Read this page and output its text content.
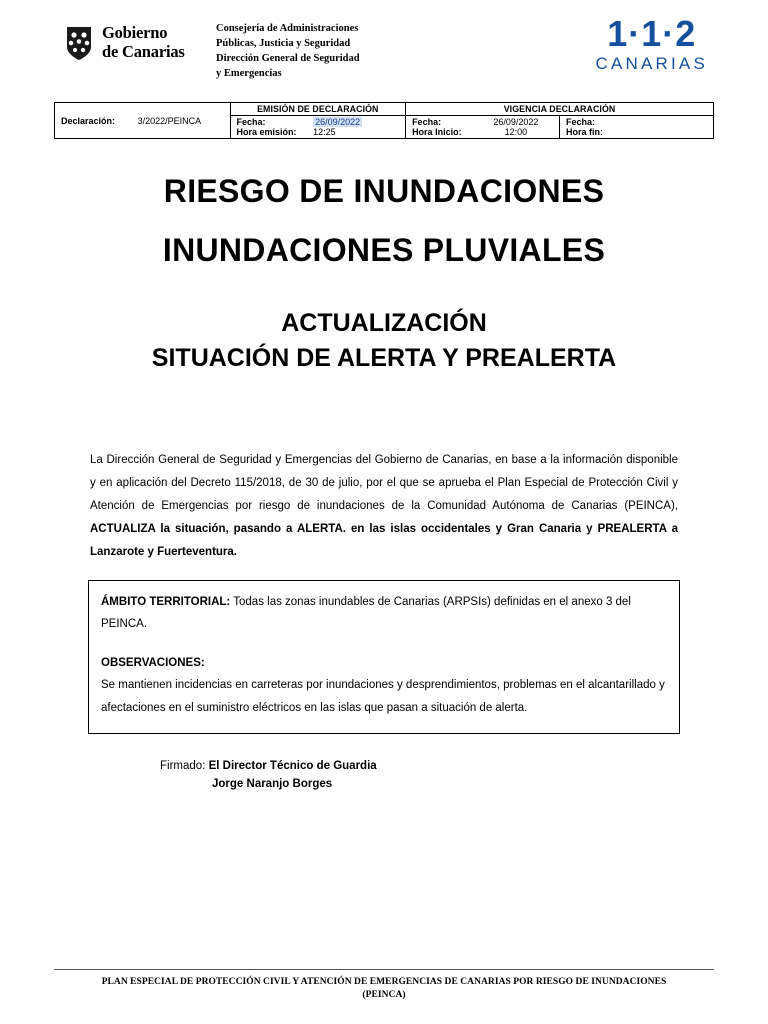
Gobierno
de Canarias
Consejería de Administraciones
Públicas, Justicia y Seguridad
Dirección General de Seguridad
y Emergencias
1·1·2
CANARIAS
Declaración:	3/2022/PEINCA
	EMISIÓN DE DECLARACIÓN	VIGENCIA DECLARACIÓN

Fecha:	26/09/2022
Hora emisión:	12:25

Fecha:	26/09/2022
Hora Inicio:	12:00

Fecha:	
Hora fin:	
RIESGO DE INUNDACIONES
INUNDACIONES PLUVIALES
ACTUALIZACIÓN
SITUACIÓN DE ALERTA Y PREALERTA
La Dirección General de Seguridad y Emergencias del Gobierno de Canarias, en base a la información disponible y en aplicación del Decreto 115/2018, de 30 de julio, por el que se aprueba el Plan Especial de Protección Civil y Atención de Emergencias por riesgo de inundaciones de la Comunidad Autónoma de Canarias (PEINCA), ACTUALIZA la situación, pasando a ALERTA. en las islas occidentales y Gran Canaria y PREALERTA a Lanzarote y Fuerteventura.

ÁMBITO TERRITORIAL: Todas las zonas inundables de Canarias (ARPSIs) definidas en el anexo 3 del PEINCA.

OBSERVACIONES:

Se mantienen incidencias en carreteras por inundaciones y desprendimientos, problemas en el alcantarillado y afectaciones en el suministro eléctricos en las islas que pasan a situación de alerta.

Firmado: El Director Técnico de Guardia
Jorge Naranjo Borges
PLAN ESPECIAL DE PROTECCIÓN CIVIL Y ATENCIÓN DE EMERGENCIAS DE CANARIAS POR RIESGO DE INUNDACIONES
(PEINCA)
